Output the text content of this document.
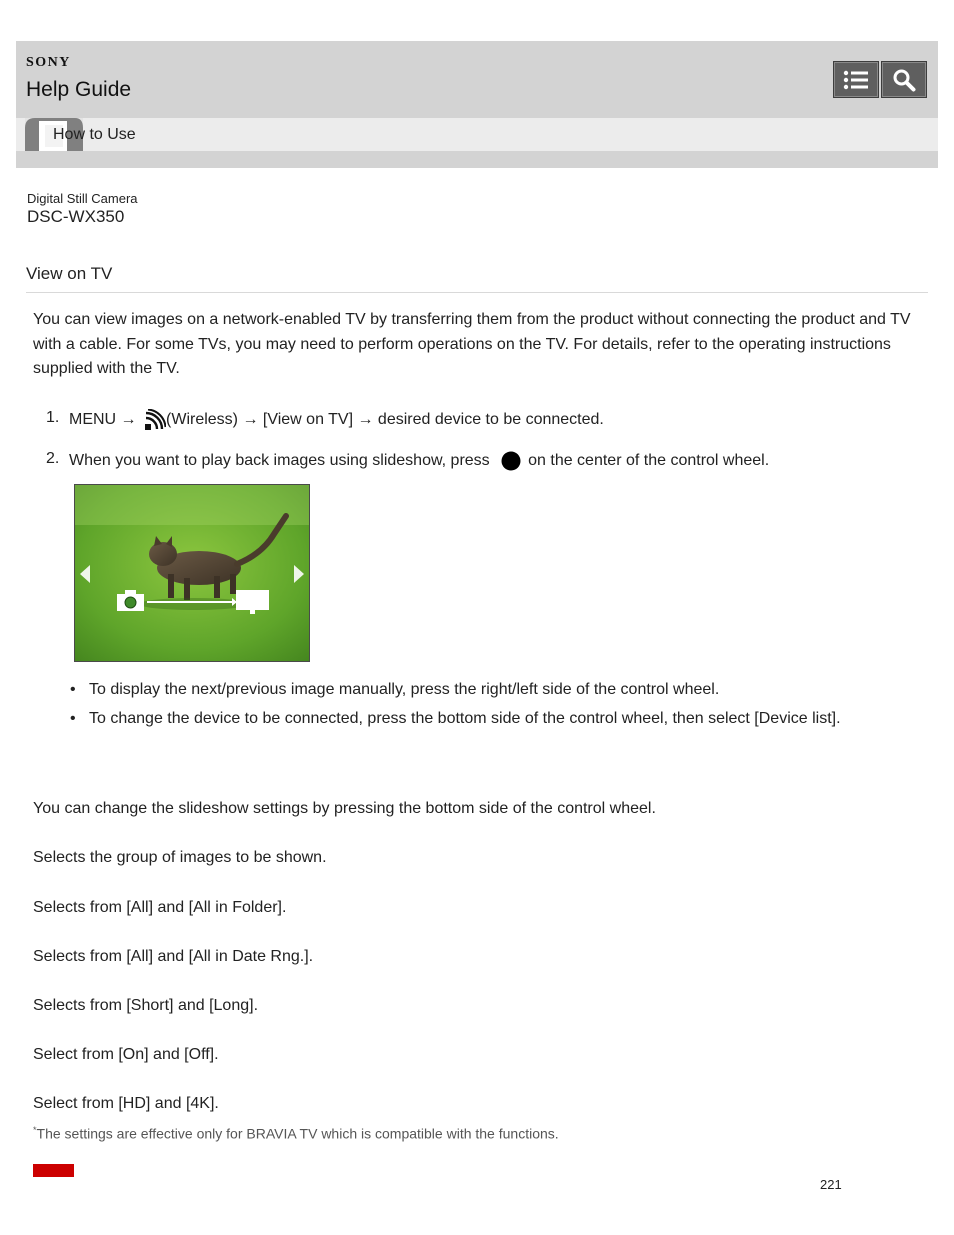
SONY
Help Guide
How to Use
Digital Still Camera
DSC-WX350
View on TV

You can view images on a network-enabled TV by transferring them from the product without connecting the product and TV with a cable. For some TVs, you may need to perform operations on the TV. For details, refer to the operating instructions supplied with the TV.

1. MENU → (Wireless) → [View on TV] → desired device to be connected.
2. When you want to play back images using slideshow, press on the center of the control wheel.
• To display the next/previous image manually, press the right/left side of the control wheel.
• To change the device to be connected, press the bottom side of the control wheel, then select [Device list].
You can change the slideshow settings by pressing the bottom side of the control wheel.
Selects the group of images to be shown.
Selects from [All] and [All in Folder].
Selects from [All] and [All in Date Rng.].
Selects from [Short] and [Long].
Select from [On] and [Off].
Select from [HD] and [4K].
*The settings are effective only for BRAVIA TV which is compatible with the functions.
221
